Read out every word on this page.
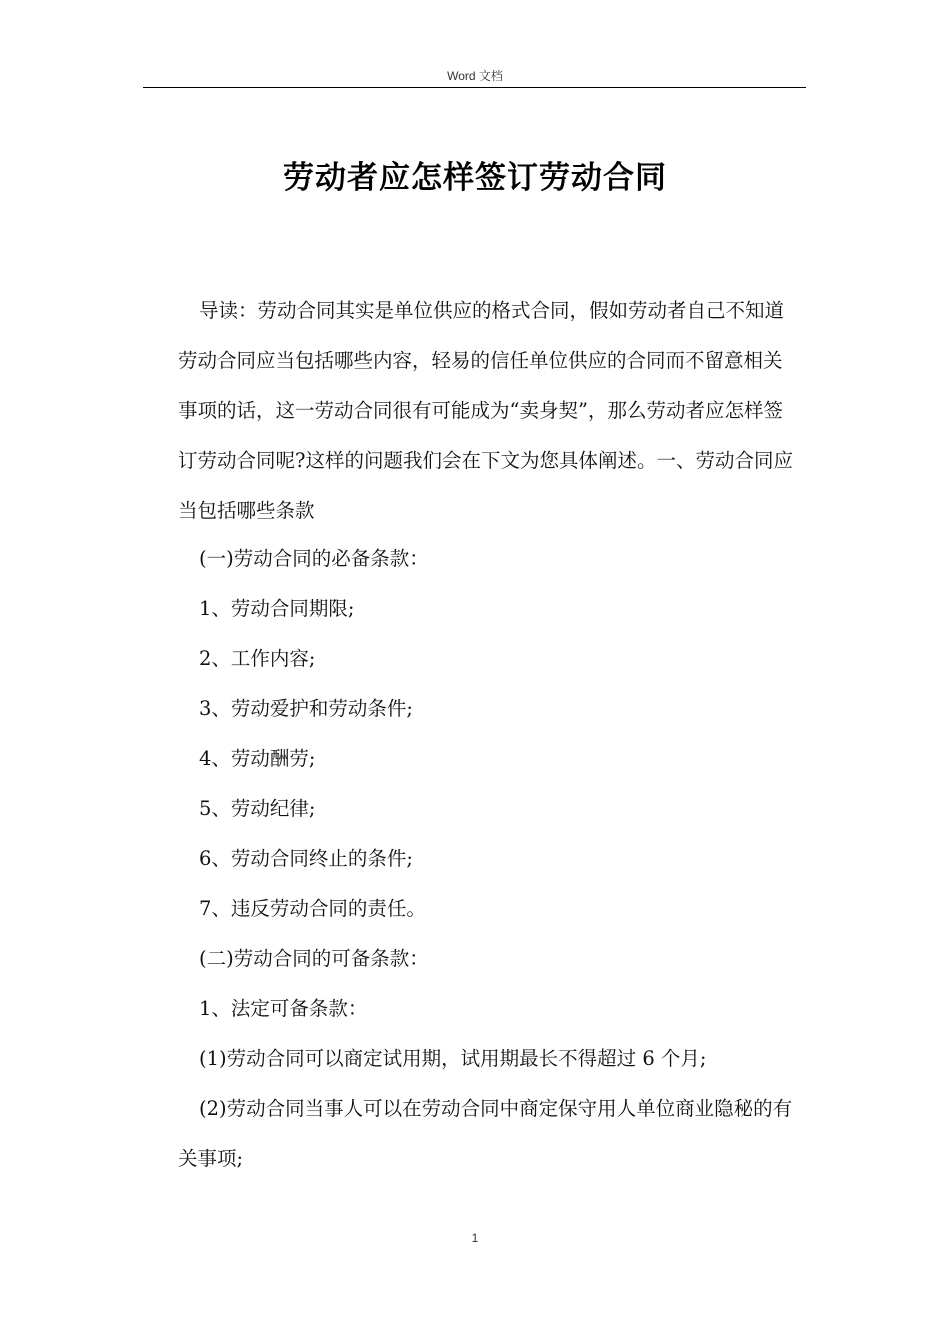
Word 文档
劳动者应怎样签订劳动合同

导读：劳动合同其实是单位供应的格式合同，假如劳动者自己不知道劳动合同应当包括哪些内容，轻易的信任单位供应的合同而不留意相关事项的话，这一劳动合同很有可能成为“卖身契”，那么劳动者应怎样签订劳动合同呢?这样的问题我们会在下文为您具体阐述。一、劳动合同应当包括哪些条款

(一)劳动合同的必备条款：
1、劳动合同期限;
2、工作内容;
3、劳动爱护和劳动条件;
4、劳动酬劳;
5、劳动纪律;
6、劳动合同终止的条件;
7、违反劳动合同的责任。
(二)劳动合同的可备条款：
1、法定可备条款：
(1)劳动合同可以商定试用期，试用期最长不得超过 6 个月;
(2)劳动合同当事人可以在劳动合同中商定保守用人单位商业隐秘的有关事项;
1
